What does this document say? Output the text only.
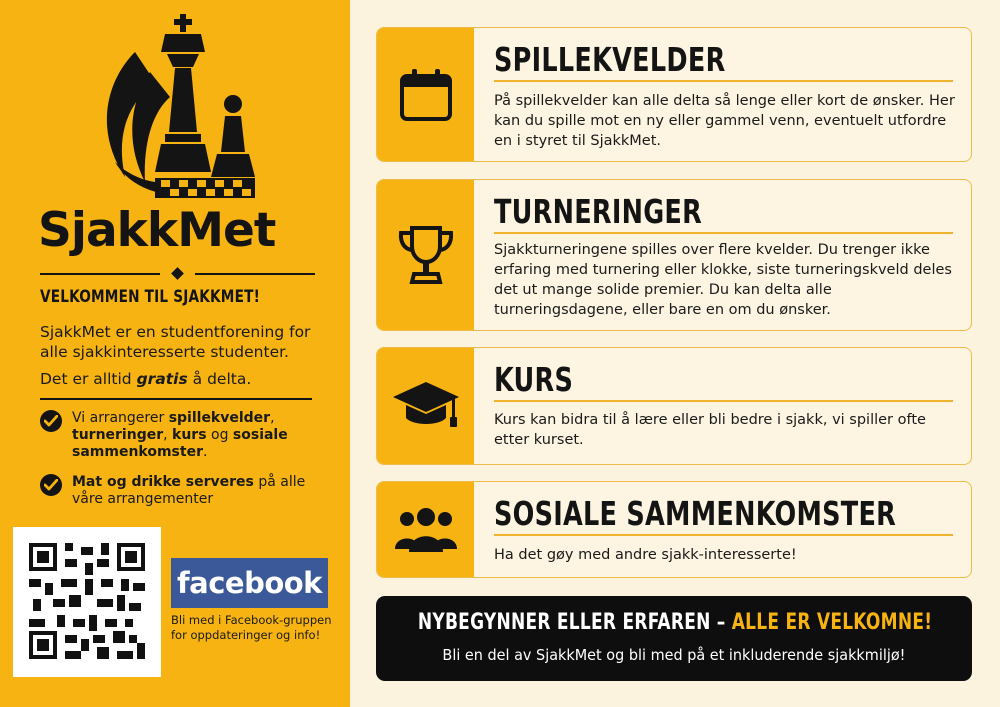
SjakkMet
VELKOMMEN TIL SJAKKMET!
SjakkMet er en studentforening for alle sjakkinteresserte studenter.
Det er alltid gratis å delta.
Vi arrangerer spillekvelder,
turneringer, kurs og sosiale sammenkomster.
Mat og drikke serveres på alle våre arrangementer
facebook
Bli med i Facebook-gruppen for oppdateringer og info!
SPILLEKVELDER
På spillekvelder kan alle delta så lenge eller kort de ønsker. Her kan du spille mot en ny eller gammel venn, eventuelt utfordre en i styret til SjakkMet.
TURNERINGER
Sjakkturneringene spilles over flere kvelder. Du trenger ikke erfaring med turnering eller klokke, siste turneringskveld deles det ut mange solide premier. Du kan delta alle turneringsdagene, eller bare en om du ønsker.
KURS
Kurs kan bidra til å lære eller bli bedre i sjakk, vi spiller ofte etter kurset.
SOSIALE SAMMENKOMSTER
Ha det gøy med andre sjakk-interesserte!
NYBEGYNNER ELLER ERFAREN – ALLE ER VELKOMNE!
Bli en del av SjakkMet og bli med på et inkluderende sjakkmiljø!
